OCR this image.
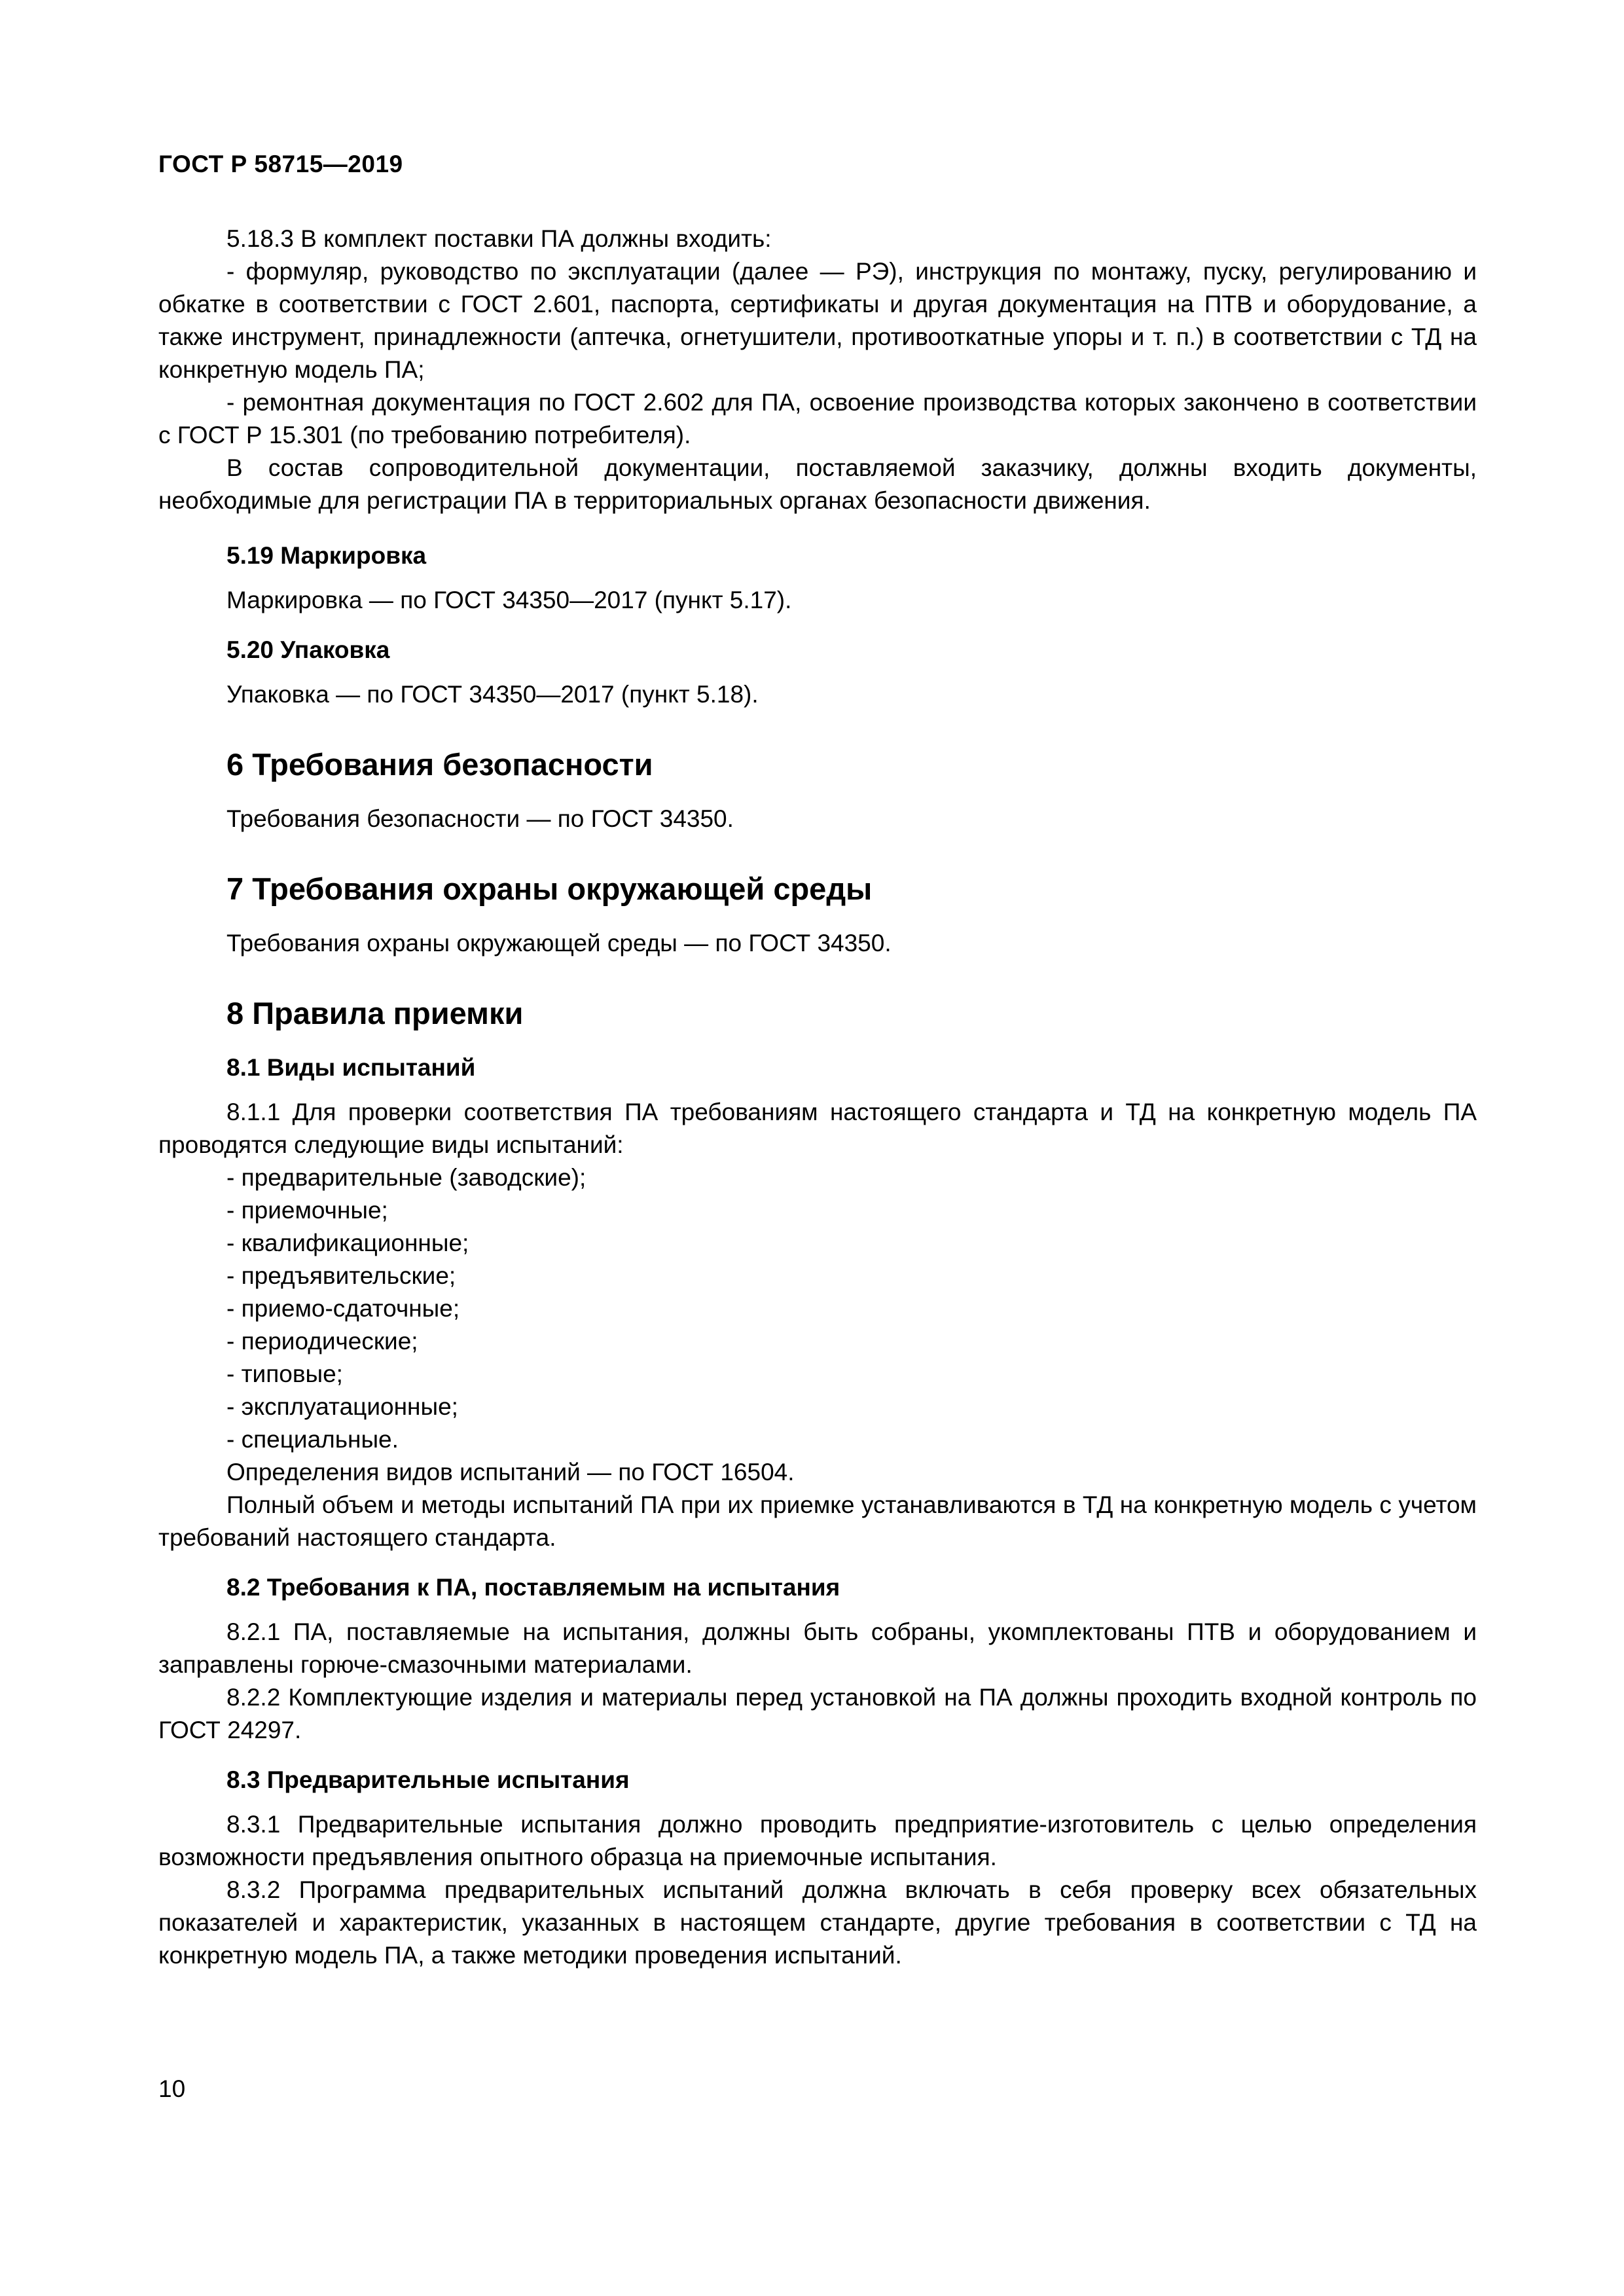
ГОСТ Р 58715—2019

5.18.3 В комплект поставки ПА должны входить:

- формуляр, руководство по эксплуатации (далее — РЭ), инструкция по монтажу, пуску, регулированию и обкатке в соответствии с ГОСТ 2.601, паспорта, сертификаты и другая документация на ПТВ и оборудование, а также инструмент, принадлежности (аптечка, огнетушители, противооткатные упоры и т. п.) в соответствии с ТД на конкретную модель ПА;

- ремонтная документация по ГОСТ 2.602 для ПА, освоение производства которых закончено в соответствии с ГОСТ Р 15.301 (по требованию потребителя).

В состав сопроводительной документации, поставляемой заказчику, должны входить документы, необходимые для регистрации ПА в территориальных органах безопасности движения.

5.19 Маркировка

Маркировка — по ГОСТ 34350—2017 (пункт 5.17).

5.20 Упаковка

Упаковка — по ГОСТ 34350—2017 (пункт 5.18).

6 Требования безопасности

Требования безопасности — по ГОСТ 34350.

7 Требования охраны окружающей среды

Требования охраны окружающей среды — по ГОСТ 34350.

8 Правила приемки

8.1 Виды испытаний

8.1.1 Для проверки соответствия ПА требованиям настоящего стандарта и ТД на конкретную модель ПА проводятся следующие виды испытаний:

- предварительные (заводские);

- приемочные;

- квалификационные;

- предъявительские;

- приемо-сдаточные;

- периодические;

- типовые;

- эксплуатационные;

- специальные.

Определения видов испытаний — по ГОСТ 16504.

Полный объем и методы испытаний ПА при их приемке устанавливаются в ТД на конкретную модель с учетом требований настоящего стандарта.

8.2 Требования к ПА, поставляемым на испытания

8.2.1 ПА, поставляемые на испытания, должны быть собраны, укомплектованы ПТВ и оборудованием и заправлены горюче-смазочными материалами.

8.2.2 Комплектующие изделия и материалы перед установкой на ПА должны проходить входной контроль по ГОСТ 24297.

8.3 Предварительные испытания

8.3.1 Предварительные испытания должно проводить предприятие-изготовитель с целью определения возможности предъявления опытного образца на приемочные испытания.

8.3.2 Программа предварительных испытаний должна включать в себя проверку всех обязательных показателей и характеристик, указанных в настоящем стандарте, другие требования в соответствии с ТД на конкретную модель ПА, а также методики проведения испытаний.

10
